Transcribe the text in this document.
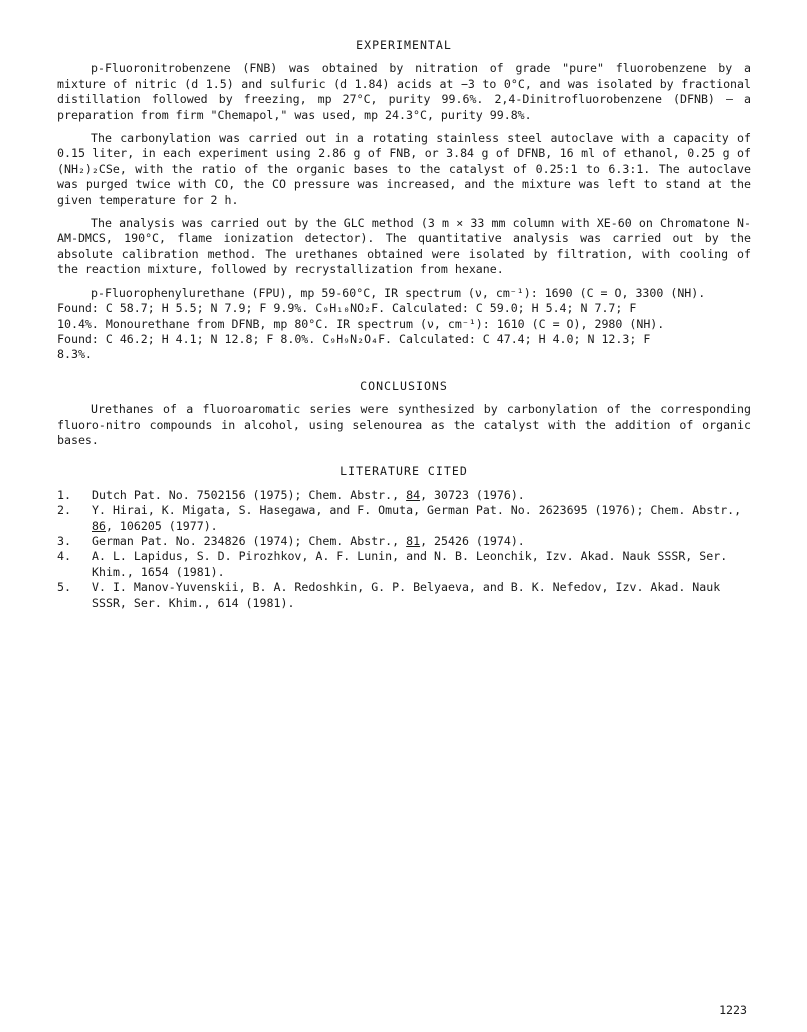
EXPERIMENTAL

p-Fluoronitrobenzene (FNB) was obtained by nitration of grade "pure" fluorobenzene by a mixture of nitric (d 1.5) and sulfuric (d 1.84) acids at −3 to 0°C, and was isolated by fractional distillation followed by freezing, mp 27°C, purity 99.6%. 2,4-Dinitrofluorobenzene (DFNB) — a preparation from firm "Chemapol," was used, mp 24.3°C, purity 99.8%.

The carbonylation was carried out in a rotating stainless steel autoclave with a capacity of 0.15 liter, in each experiment using 2.86 g of FNB, or 3.84 g of DFNB, 16 ml of ethanol, 0.25 g of (NH₂)₂CSe, with the ratio of the organic bases to the catalyst of 0.25:1 to 6.3:1. The autoclave was purged twice with CO, the CO pressure was increased, and the mixture was left to stand at the given temperature for 2 h.

The analysis was carried out by the GLC method (3 m × 33 mm column with XE-60 on Chromatone N-AM-DMCS, 190°C, flame ionization detector). The quantitative analysis was carried out by the absolute calibration method. The urethanes obtained were isolated by filtration, with cooling of the reaction mixture, followed by recrystallization from hexane.

p-Fluorophenylurethane (FPU), mp 59-60°C, IR spectrum (ν, cm⁻¹): 1690 (C = O, 3300 (NH).
Found: C 58.7; H 5.5; N 7.9; F 9.9%. C₉H₁₀NO₂F. Calculated: C 59.0; H 5.4; N 7.7; F
10.4%. Monourethane from DFNB, mp 80°C. IR spectrum (ν, cm⁻¹): 1610 (C = O), 2980 (NH).
Found: C 46.2; H 4.1; N 12.8; F 8.0%. C₉H₉N₂O₄F. Calculated: C 47.4; H 4.0; N 12.3; F
8.3%.
CONCLUSIONS

Urethanes of a fluoroaromatic series were synthesized by carbonylation of the corresponding fluoro-nitro compounds in alcohol, using selenourea as the catalyst with the addition of organic bases.

LITERATURE CITED
1.	Dutch Pat. No. 7502156 (1975); Chem. Abstr., 84, 30723 (1976).
2.	Y. Hirai, K. Migata, S. Hasegawa, and F. Omuta, German Pat. No. 2623695 (1976); Chem. Abstr., 86, 106205 (1977).
3.	German Pat. No. 234826 (1974); Chem. Abstr., 81, 25426 (1974).
4.	A. L. Lapidus, S. D. Pirozhkov, A. F. Lunin, and N. B. Leonchik, Izv. Akad. Nauk SSSR, Ser. Khim., 1654 (1981).
5.	V. I. Manov-Yuvenskii, B. A. Redoshkin, G. P. Belyaeva, and B. K. Nefedov, Izv. Akad. Nauk SSSR, Ser. Khim., 614 (1981).
1223
